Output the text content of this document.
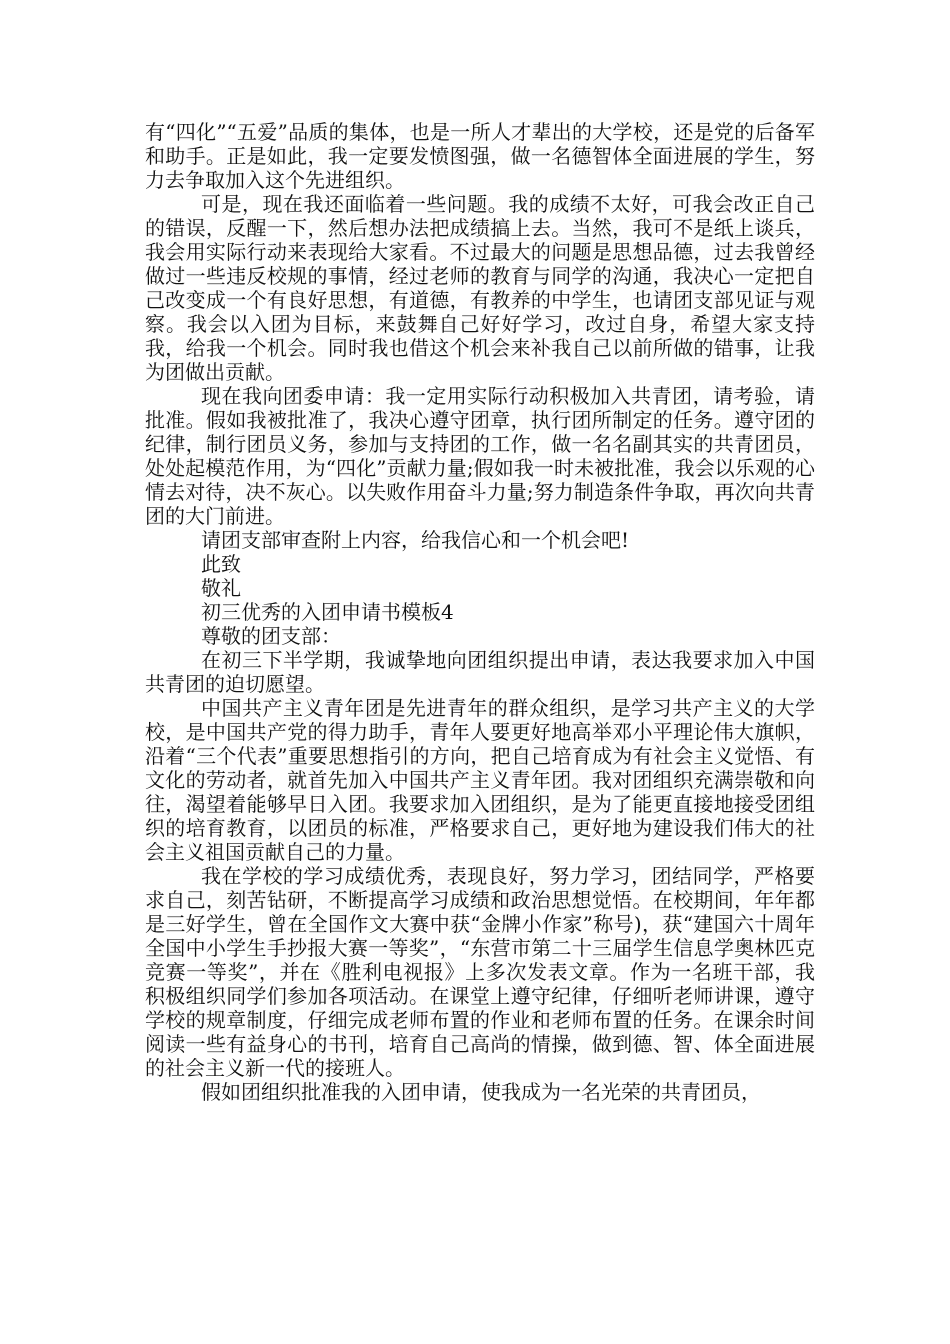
有“四化”“五爱”品质的集体，也是一所人才辈出的大学校，还是党的后备军和助手。正是如此，我一定要发愤图强，做一名德智体全面进展的学生，努力去争取加入这个先进组织。

可是，现在我还面临着一些问题。我的成绩不太好，可我会改正自己的错误，反醒一下，然后想办法把成绩搞上去。当然，我可不是纸上谈兵，我会用实际行动来表现给大家看。不过最大的问题是思想品德，过去我曾经做过一些违反校规的事情，经过老师的教育与同学的沟通，我决心一定把自己改变成一个有良好思想，有道德，有教养的中学生，也请团支部见证与观察。我会以入团为目标，来鼓舞自己好好学习，改过自身，希望大家支持我，给我一个机会。同时我也借这个机会来补我自己以前所做的错事，让我为团做出贡献。

现在我向团委申请：我一定用实际行动积极加入共青团，请考验，请批准。假如我被批准了，我决心遵守团章，执行团所制定的任务。遵守团的纪律，制行团员义务，参加与支持团的工作，做一名名副其实的共青团员，处处起模范作用，为“四化”贡献力量;假如我一时未被批准，我会以乐观的心情去对待，决不灰心。以失败作用奋斗力量;努力制造条件争取，再次向共青团的大门前进。

请团支部审查附上内容，给我信心和一个机会吧!

此致

敬礼

初三优秀的入团申请书模板4

尊敬的团支部：

在初三下半学期，我诚挚地向团组织提出申请，表达我要求加入中国共青团的迫切愿望。

中国共产主义青年团是先进青年的群众组织，是学习共产主义的大学校，是中国共产党的得力助手，青年人要更好地高举邓小平理论伟大旗帜，沿着“三个代表”重要思想指引的方向，把自己培育成为有社会主义觉悟、有文化的劳动者，就首先加入中国共产主义青年团。我对团组织充满崇敬和向往，渴望着能够早日入团。我要求加入团组织，是为了能更直接地接受团组织的培育教育，以团员的标准，严格要求自己，更好地为建设我们伟大的社会主义祖国贡献自己的力量。

我在学校的学习成绩优秀，表现良好，努力学习，团结同学，严格要求自己，刻苦钻研，不断提高学习成绩和政治思想觉悟。在校期间，年年都是三好学生，曾在全国作文大赛中获“金牌小作家”称号)，获“建国六十周年全国中小学生手抄报大赛一等奖”，“东营市第二十三届学生信息学奥林匹克竞赛一等奖”，并在《胜利电视报》上多次发表文章。作为一名班干部，我积极组织同学们参加各项活动。在课堂上遵守纪律，仔细听老师讲课，遵守学校的规章制度，仔细完成老师布置的作业和老师布置的任务。在课余时间阅读一些有益身心的书刊，培育自己高尚的情操，做到德、智、体全面进展的社会主义新一代的接班人。

假如团组织批准我的入团申请，使我成为一名光荣的共青团员，
